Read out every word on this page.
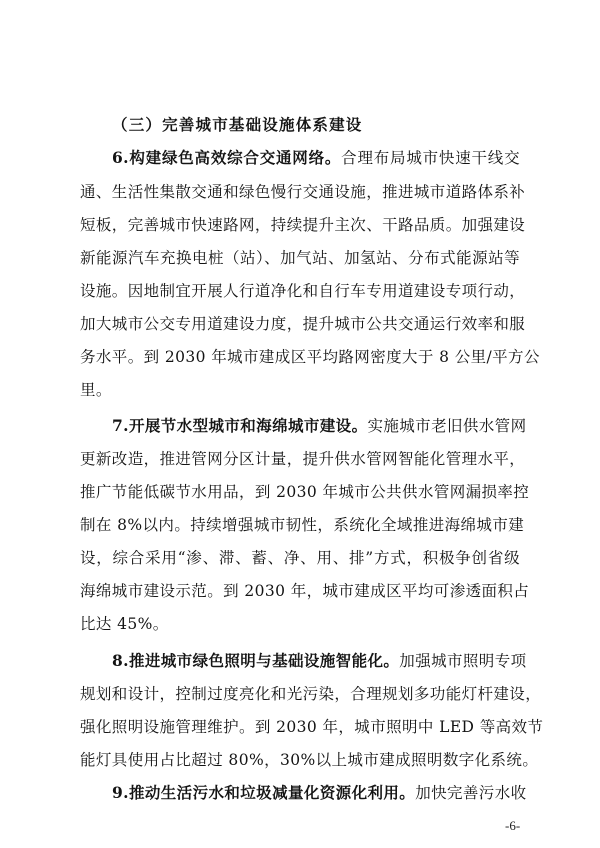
（三）完善城市基础设施体系建设
6.构建绿色高效综合交通网络。合理布局城市快速干线交
通、生活性集散交通和绿色慢行交通设施，推进城市道路体系补
短板，完善城市快速路网，持续提升主次、干路品质。加强建设
新能源汽车充换电桩（站）、加气站、加氢站、分布式能源站等
设施。因地制宜开展人行道净化和自行车专用道建设专项行动，
加大城市公交专用道建设力度，提升城市公共交通运行效率和服
务水平。到 2030 年城市建成区平均路网密度大于 8 公里/平方公
里。
7.开展节水型城市和海绵城市建设。实施城市老旧供水管网
更新改造，推进管网分区计量，提升供水管网智能化管理水平，
推广节能低碳节水用品，到 2030 年城市公共供水管网漏损率控
制在 8%以内。持续增强城市韧性，系统化全域推进海绵城市建
设，综合采用“渗、滞、蓄、净、用、排”方式，积极争创省级
海绵城市建设示范。到 2030 年，城市建成区平均可渗透面积占
比达 45%。
8.推进城市绿色照明与基础设施智能化。加强城市照明专项
规划和设计，控制过度亮化和光污染，合理规划多功能灯杆建设，
强化照明设施管理维护。到 2030 年，城市照明中 LED 等高效节
能灯具使用占比超过 80%，30%以上城市建成照明数字化系统。
9.推动生活污水和垃圾减量化资源化利用。加快完善污水收
-6-
